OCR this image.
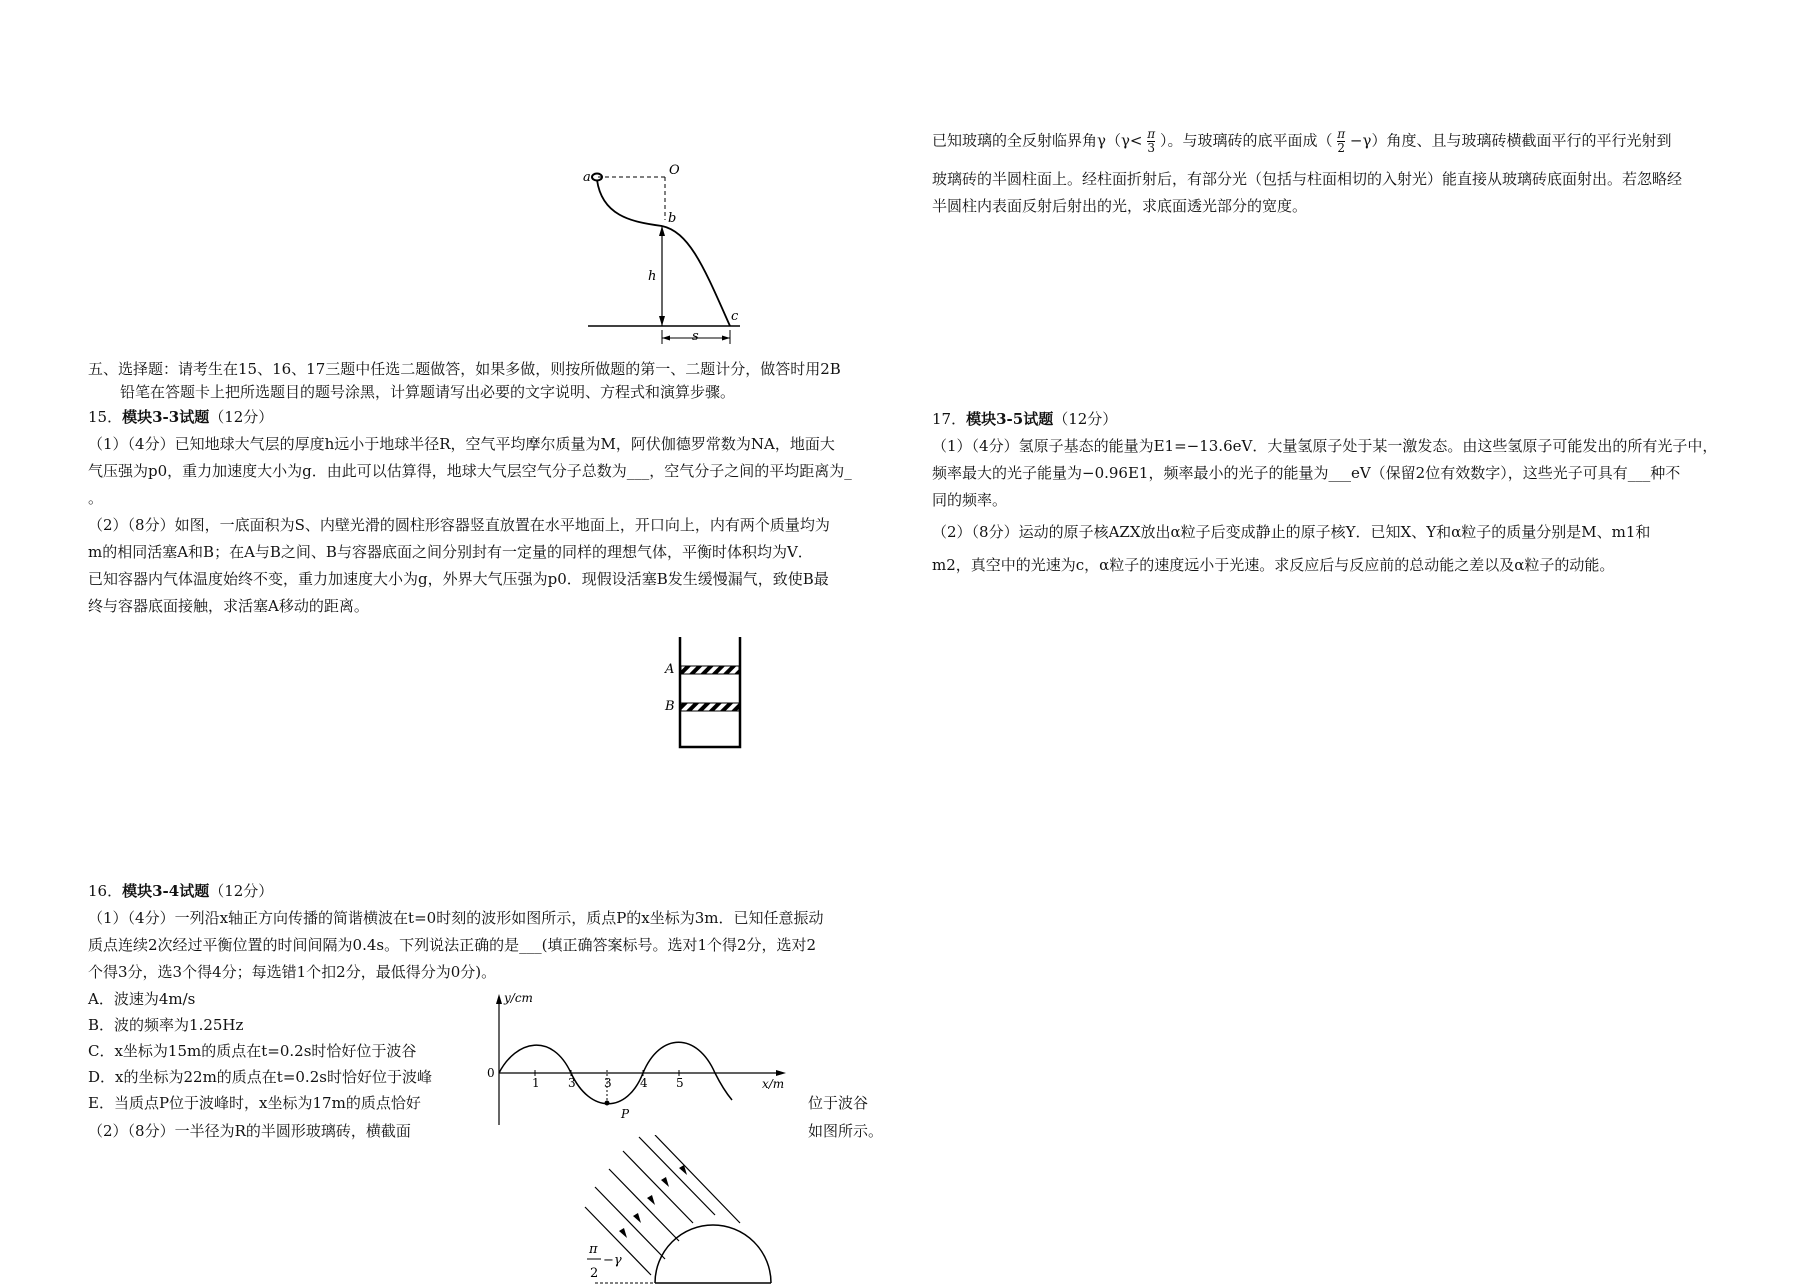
a	O
b
h
c
s
五、选择题：请考生在15、16、17三题中任选二题做答，如果多做，则按所做题的第一、二题计分，做答时用2B
铅笔在答题卡上把所选题目的题号涂黑，计算题请写出必要的文字说明、方程式和演算步骤。
15．模块3-3试题（12分）
（1）（4分）已知地球大气层的厚度h远小于地球半径R，空气平均摩尔质量为M，阿伏伽德罗常数为NA，地面大
气压强为p0，重力加速度大小为g．由此可以估算得，地球大气层空气分子总数为___，空气分子之间的平均距离为_
。
（2）（8分）如图，一底面积为S、内壁光滑的圆柱形容器竖直放置在水平地面上，开口向上，内有两个质量均为
m的相同活塞A和B；在A与B之间、B与容器底面之间分别封有一定量的同样的理想气体，平衡时体积均为V．
已知容器内气体温度始终不变，重力加速度大小为g，外界大气压强为p0．现假设活塞B发生缓慢漏气，致使B最
终与容器底面接触，求活塞A移动的距离。
A
B
16．模块3-4试题（12分）
（1）（4分）一列沿x轴正方向传播的简谐横波在t=0时刻的波形如图所示，质点P的x坐标为3m．已知任意振动
质点连续2次经过平衡位置的时间间隔为0.4s。下列说法正确的是___(填正确答案标号。选对1个得2分，选对2
个得3分，选3个得4分；每选错1个扣2分，最低得分为0分)。
A．波速为4m/s
B．波的频率为1.25Hz
C．x坐标为15m的质点在t=0.2s时恰好位于波谷
D．x的坐标为22m的质点在t=0.2s时恰好位于波峰
E．当质点P位于波峰时，x坐标为17m的质点恰好	位于波谷
（2）（8分）一半径为R的半圆形玻璃砖，横截面	如图所示。
y/cm
x/m
0
1 3 3 4 5
P
π
−γ
2
已知玻璃的全反射临界角$\gamma(\gamma< \frac{\pi}{3}$ ）。与玻璃砖的底平面成（ $\frac{\pi}{2} -\gamma$）角度、且与玻璃砖横截面平行的平行光射到
玻璃砖的半圆柱面上。经柱面折射后，有部分光（包括与柱面相切的入射光）能直接从玻璃砖底面射出。若忽略经
半圆柱内表面反射后射出的光，求底面透光部分的宽度。
17．模块3-5试题（12分）
（1）（4分）氢原子基态的能量为E1=−13.6eV．大量氢原子处于某一激发态。由这些氢原子可能发出的所有光子中，
频率最大的光子能量为−0.96E1，频率最小的光子的能量为___eV（保留2位有效数字），这些光子可具有___种不
同的频率。
（2）（8分）运动的原子核AZX放出α粒子后变成静止的原子核Y．已知X、Y和α粒子的质量分别是M、m1和
m2，真空中的光速为c，α粒子的速度远小于光速。求反应后与反应前的总动能之差以及α粒子的动能。
